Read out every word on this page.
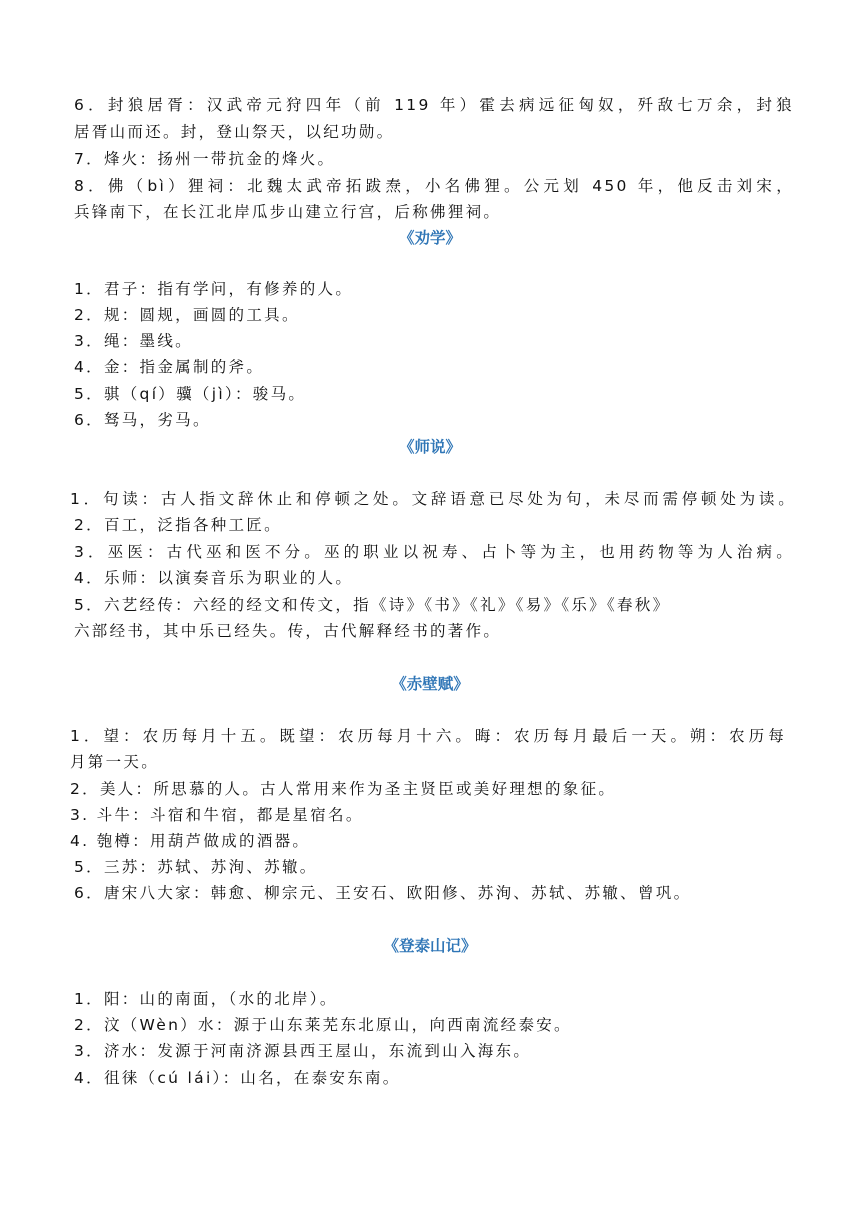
6．封狼居胥：汉武帝元狩四年（前 119 年）霍去病远征匈奴，歼敌七万余，封狼
居胥山而还。封，登山祭天，以纪功勋。
7．烽火：扬州一带抗金的烽火。
8．佛（bì）狸祠：北魏太武帝拓跋焘，小名佛狸。公元划 450 年，他反击刘宋，
兵锋南下，在长江北岸瓜步山建立行宫，后称佛狸祠。
《劝学》
1．君子：指有学问，有修养的人。
2．规：圆规，画圆的工具。
3．绳：墨线。
4．金：指金属制的斧。
5．骐（qí）骥（jì）：骏马。
6．驽马，劣马。
《师说》
1．句读：古人指文辞休止和停顿之处。文辞语意已尽处为句，未尽而需停顿处为读。
2．百工，泛指各种工匠。
3．巫医：古代巫和医不分。巫的职业以祝寿、占卜等为主，也用药物等为人治病。
4．乐师：以演奏音乐为职业的人。
5．六艺经传：六经的经文和传文，指《诗》《书》《礼》《易》《乐》《春秋》
六部经书，其中乐已经失。传，古代解释经书的著作。
《赤壁赋》
1．望：农历每月十五。既望：农历每月十六。晦：农历每月最后一天。朔：农历每
月第一天。
2．美人：所思慕的人。古人常用来作为圣主贤臣或美好理想的象征。
3. 斗牛：斗宿和牛宿，都是星宿名。
4. 匏樽：用葫芦做成的酒器。
5．三苏：苏轼、苏洵、苏辙。
6．唐宋八大家：韩愈、柳宗元、王安石、欧阳修、苏洵、苏轼、苏辙、曾巩。
《登泰山记》
1．阳：山的南面，（水的北岸）。
2．汶（Wèn）水：源于山东莱芜东北原山，向西南流经泰安。
3．济水：发源于河南济源县西王屋山，东流到山入海东。
4．徂徕（cú lái）：山名，在泰安东南。
